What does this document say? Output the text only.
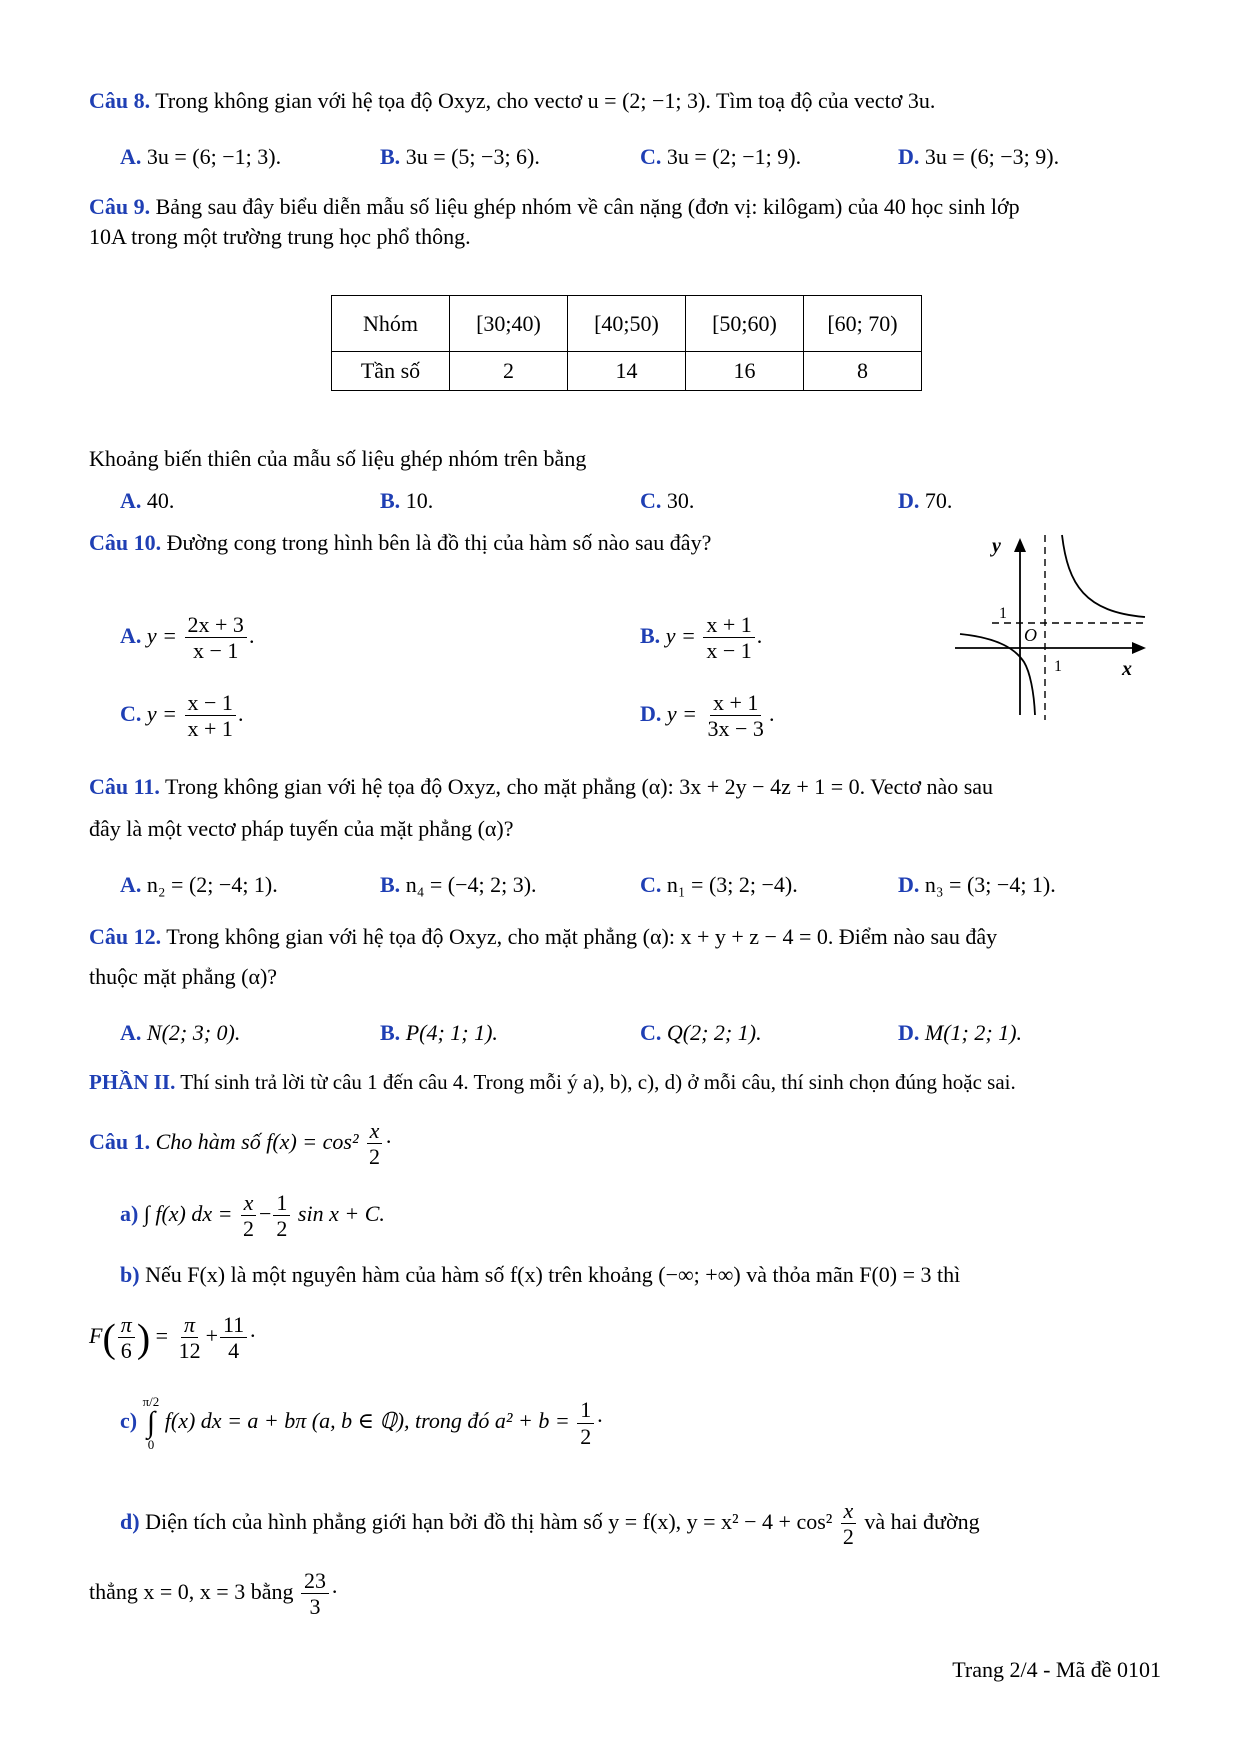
Câu 8. Trong không gian với hệ tọa độ Oxyz, cho vectơ u = (2; −1; 3). Tìm toạ độ của vectơ 3u.
A. 3u = (6; −1; 3).	B. 3u = (5; −3; 6).	C. 3u = (2; −1; 9).	D. 3u = (6; −3; 9).
Câu 9. Bảng sau đây biểu diễn mẫu số liệu ghép nhóm về cân nặng (đơn vị: kilôgam) của 40 học sinh lớp
10A trong một trường trung học phổ thông.
Nhóm	[30;40)	[40;50)	[50;60)	[60; 70)
Tần số	2	14	16	8
Khoảng biến thiên của mẫu số liệu ghép nhóm trên bằng
A. 40.	B. 10.	C. 30.	D. 70.
Câu 10. Đường cong trong hình bên là đồ thị của hàm số nào sau đây?
A. $y = \frac{2x + 3}{x - 1}$ .	B. $y = \frac{x + 1}{x - 1}$ .
C. $y = \frac{x - 1}{x + 1}$ .	D. $y = \frac{x + 1}{3x - 3}$ .
y
x
O
1
1
Câu 11. Trong không gian với hệ tọa độ Oxyz, cho mặt phẳng (α): 3x + 2y − 4z + 1 = 0. Vectơ nào sau
đây là một vectơ pháp tuyến của mặt phẳng (α)?
A. n₂ = (2; −4; 1).	B. n₄ = (−4; 2; 3).	C. n₁ = (3; 2; −4).	D. n₃ = (3; −4; 1).
Câu 12. Trong không gian với hệ tọa độ Oxyz, cho mặt phẳng (α): x + y + z − 4 = 0. Điểm nào sau đây
thuộc mặt phẳng (α)?
A. N(2; 3; 0).	B. P(4; 1; 1).	C. Q(2; 2; 1).	D. M(1; 2; 1).
PHẦN II. Thí sinh trả lời từ câu 1 đến câu 4. Trong mỗi ý a), b), c), d) ở mỗi câu, thí sinh chọn đúng hoặc sai.
Câu 1. Cho hàm số $f(x) = \cos^2 \frac{x}{2}$ ·
a) ∫ f(x) dx = $\frac{x}{2} - \frac{1}{2}$ sin x + C.
b) Nếu F(x) là một nguyên hàm của hàm số f(x) trên khoảng (−∞; +∞) và thỏa mãn F(0) = 3 thì
$F( \frac{\pi}{6}$ ) = $\frac{\pi}{12} + \frac{11}{4}$ ·
c)
π/2
∫
0
f(x) dx = a + bπ (a, b ∈ ℚ), trong đó $a^2 + b = \frac{1}{2}$ ·
d) Diện tích của hình phẳng giới hạn bởi đồ thị hàm số y = f(x), $y = x^2 - 4 + \cos^2 \frac{x}{2}$ và hai đường
thẳng x = 0, x = 3 bằng $\frac{23}{3}$ ·
Trang 2/4 - Mã đề 0101
